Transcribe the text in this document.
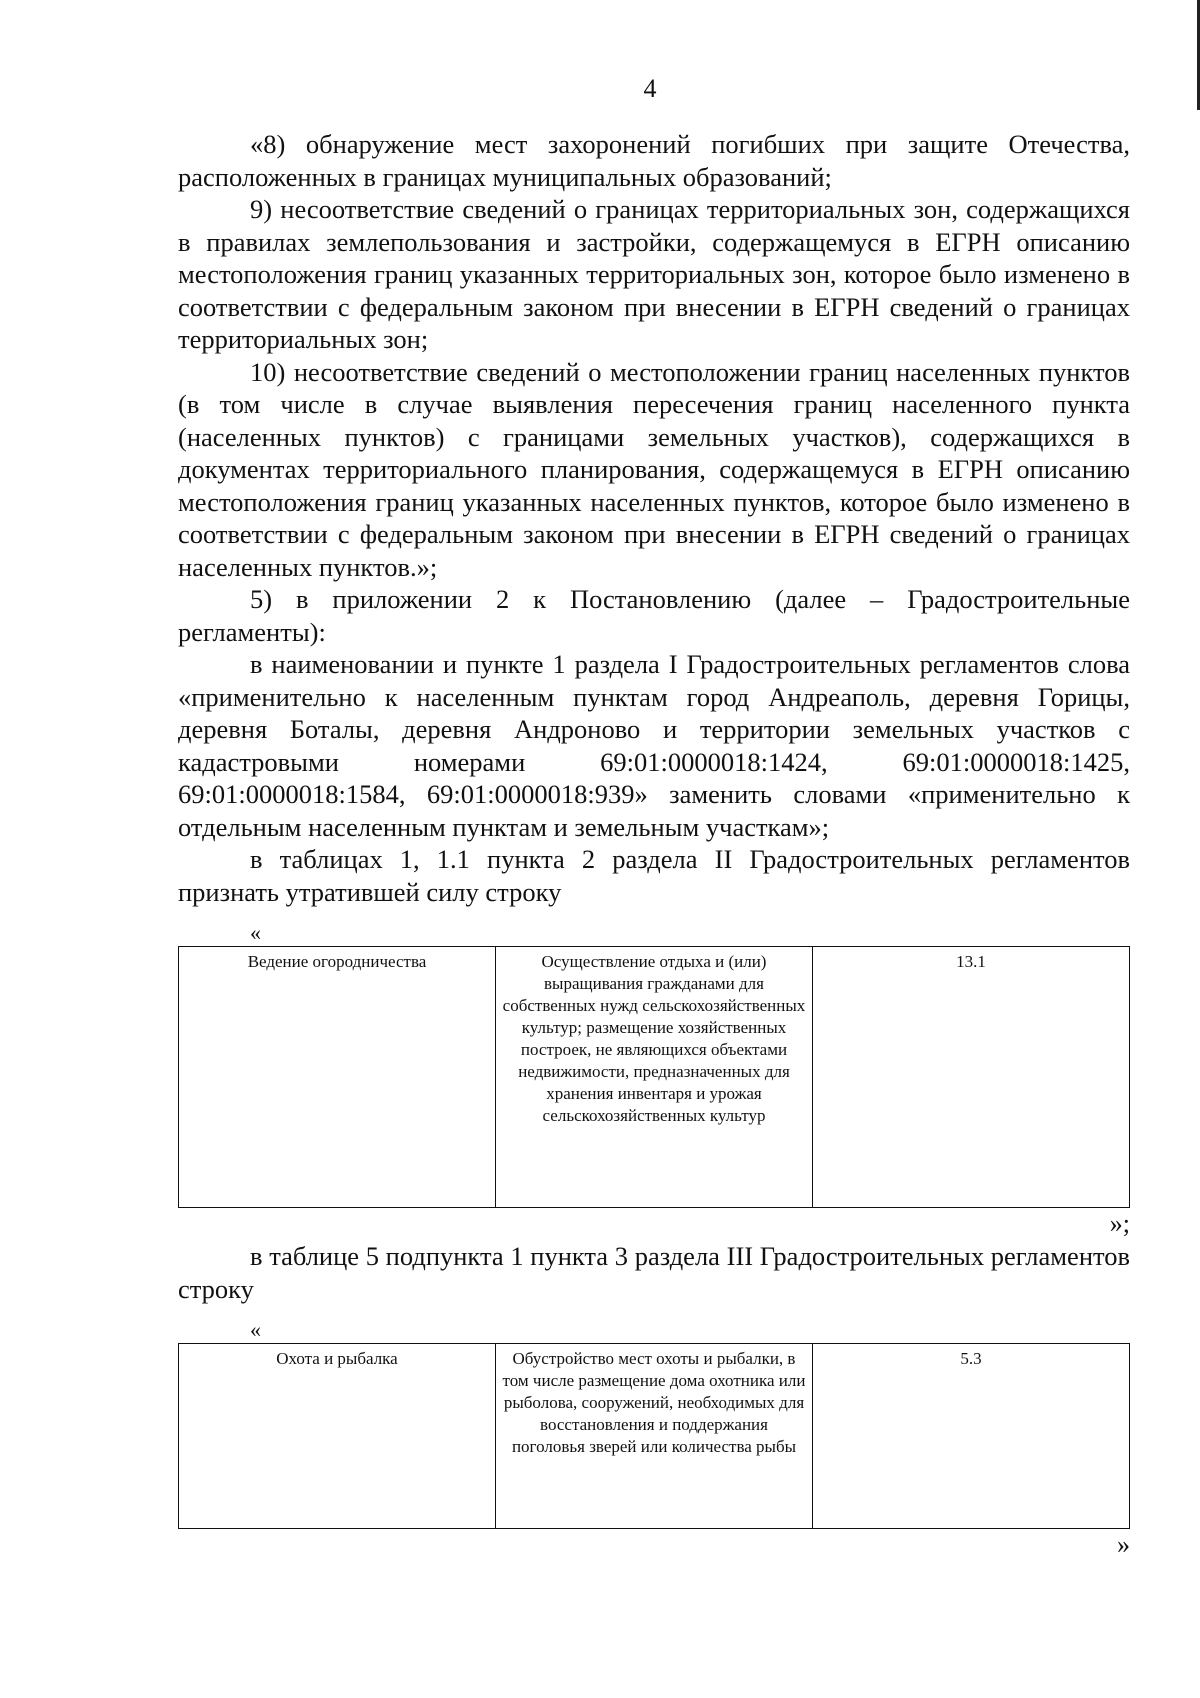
4

«8) обнаружение мест захоронений погибших при защите Отечества, расположенных в границах муниципальных образований;

9) несоответствие сведений о границах территориальных зон, содержащихся в правилах землепользования и застройки, содержащемуся в ЕГРН описанию местоположения границ указанных территориальных зон, которое было изменено в соответствии с федеральным законом при внесении в ЕГРН сведений о границах территориальных зон;

10) несоответствие сведений о местоположении границ населенных пунктов (в том числе в случае выявления пересечения границ населенного пункта (населенных пунктов) с границами земельных участков), содержащихся в документах территориального планирования, содержащемуся в ЕГРН описанию местоположения границ указанных населенных пунктов, которое было изменено в соответствии с федеральным законом при внесении в ЕГРН сведений о границах населенных пунктов.»;

5) в приложении 2 к Постановлению (далее – Градостроительные регламенты):

в наименовании и пункте 1 раздела I Градостроительных регламентов слова «применительно к населенным пунктам город Андреаполь, деревня Горицы, деревня Боталы, деревня Андроново и территории земельных участков с кадастровыми номерами 69:01:0000018:1424, 69:01:0000018:1425, 69:01:0000018:1584, 69:01:0000018:939» заменить словами «применительно к отдельным населенным пунктам и земельным участкам»;

в таблицах 1, 1.1 пункта 2 раздела II Градостроительных регламентов признать утратившей силу строку

«
Ведение огородничества	Осуществление отдыха и (или) выращивания гражданами для собственных нужд сельскохозяйственных культур; размещение хозяйственных построек, не являющихся объектами недвижимости, предназначенных для хранения инвентаря и урожая сельскохозяйственных культур	13.1

»;

в таблице 5 подпункта 1 пункта 3 раздела III Градостроительных регламентов строку

«
Охота и рыбалка	Обустройство мест охоты и рыбалки, в том числе размещение дома охотника или рыболова, сооружений, необходимых для восстановления и поддержания поголовья зверей или количества рыбы	5.3

»
